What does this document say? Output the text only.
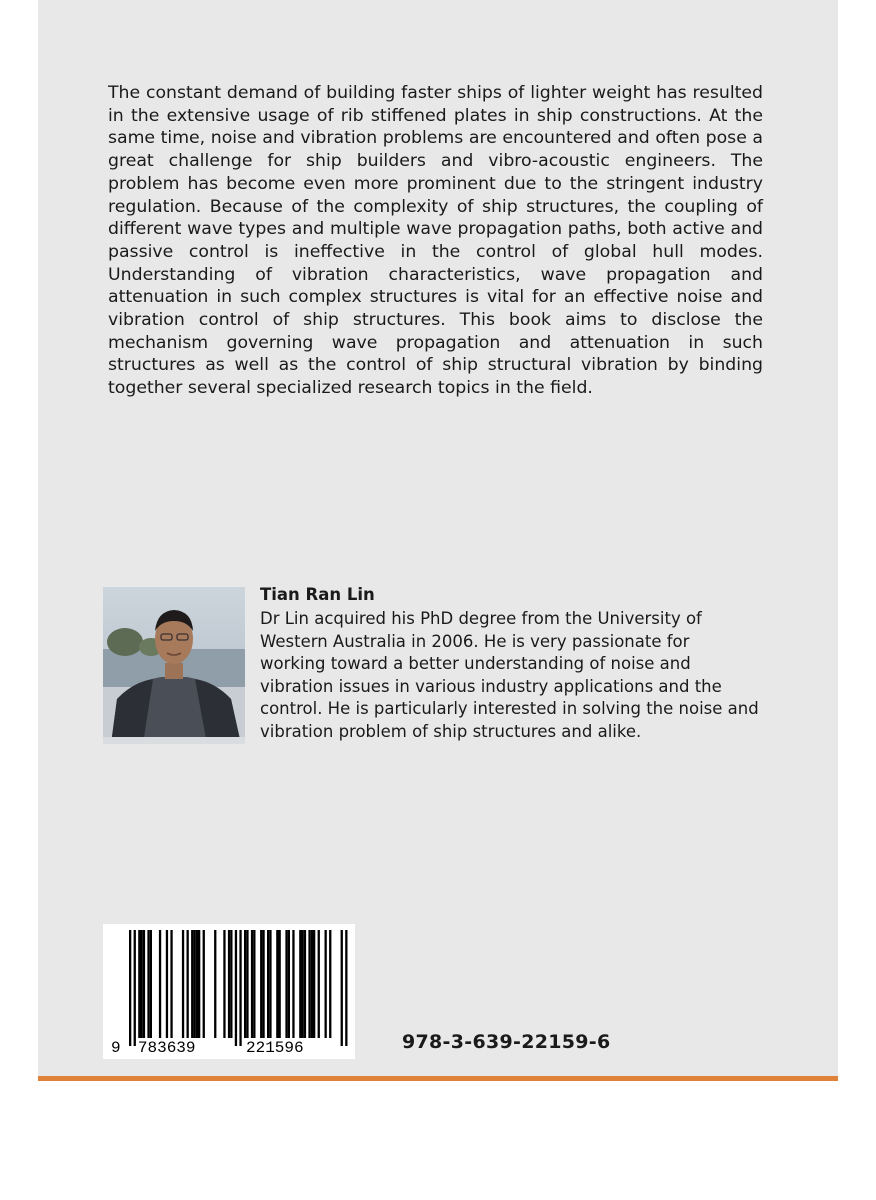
The constant demand of building faster ships of lighter weight has resulted in the extensive usage of rib stiffened plates in ship constructions. At the same time, noise and vibration problems are encountered and often pose a great challenge for ship builders and vibro-acoustic engineers. The problem has become even more prominent due to the stringent industry regulation. Because of the complexity of ship structures, the coupling of different wave types and multiple wave propagation paths, both active and passive control is ineffective in the control of global hull modes. Understanding of vibration characteristics, wave propagation and attenuation in such complex structures is vital for an effective noise and vibration control of ship structures. This book aims to disclose the mechanism governing wave propagation and attenuation in such structures as well as the control of ship structural vibration by binding together several specialized research topics in the field.

Tian Ran Lin

Dr Lin acquired his PhD degree from the University of Western Australia in 2006. He is very passionate for working toward a better understanding of noise and vibration issues in various industry applications and the control. He is particularly interested in solving the noise and vibration problem of ship structures and alike.

9 783639	221596	978-3-639-22159-6
